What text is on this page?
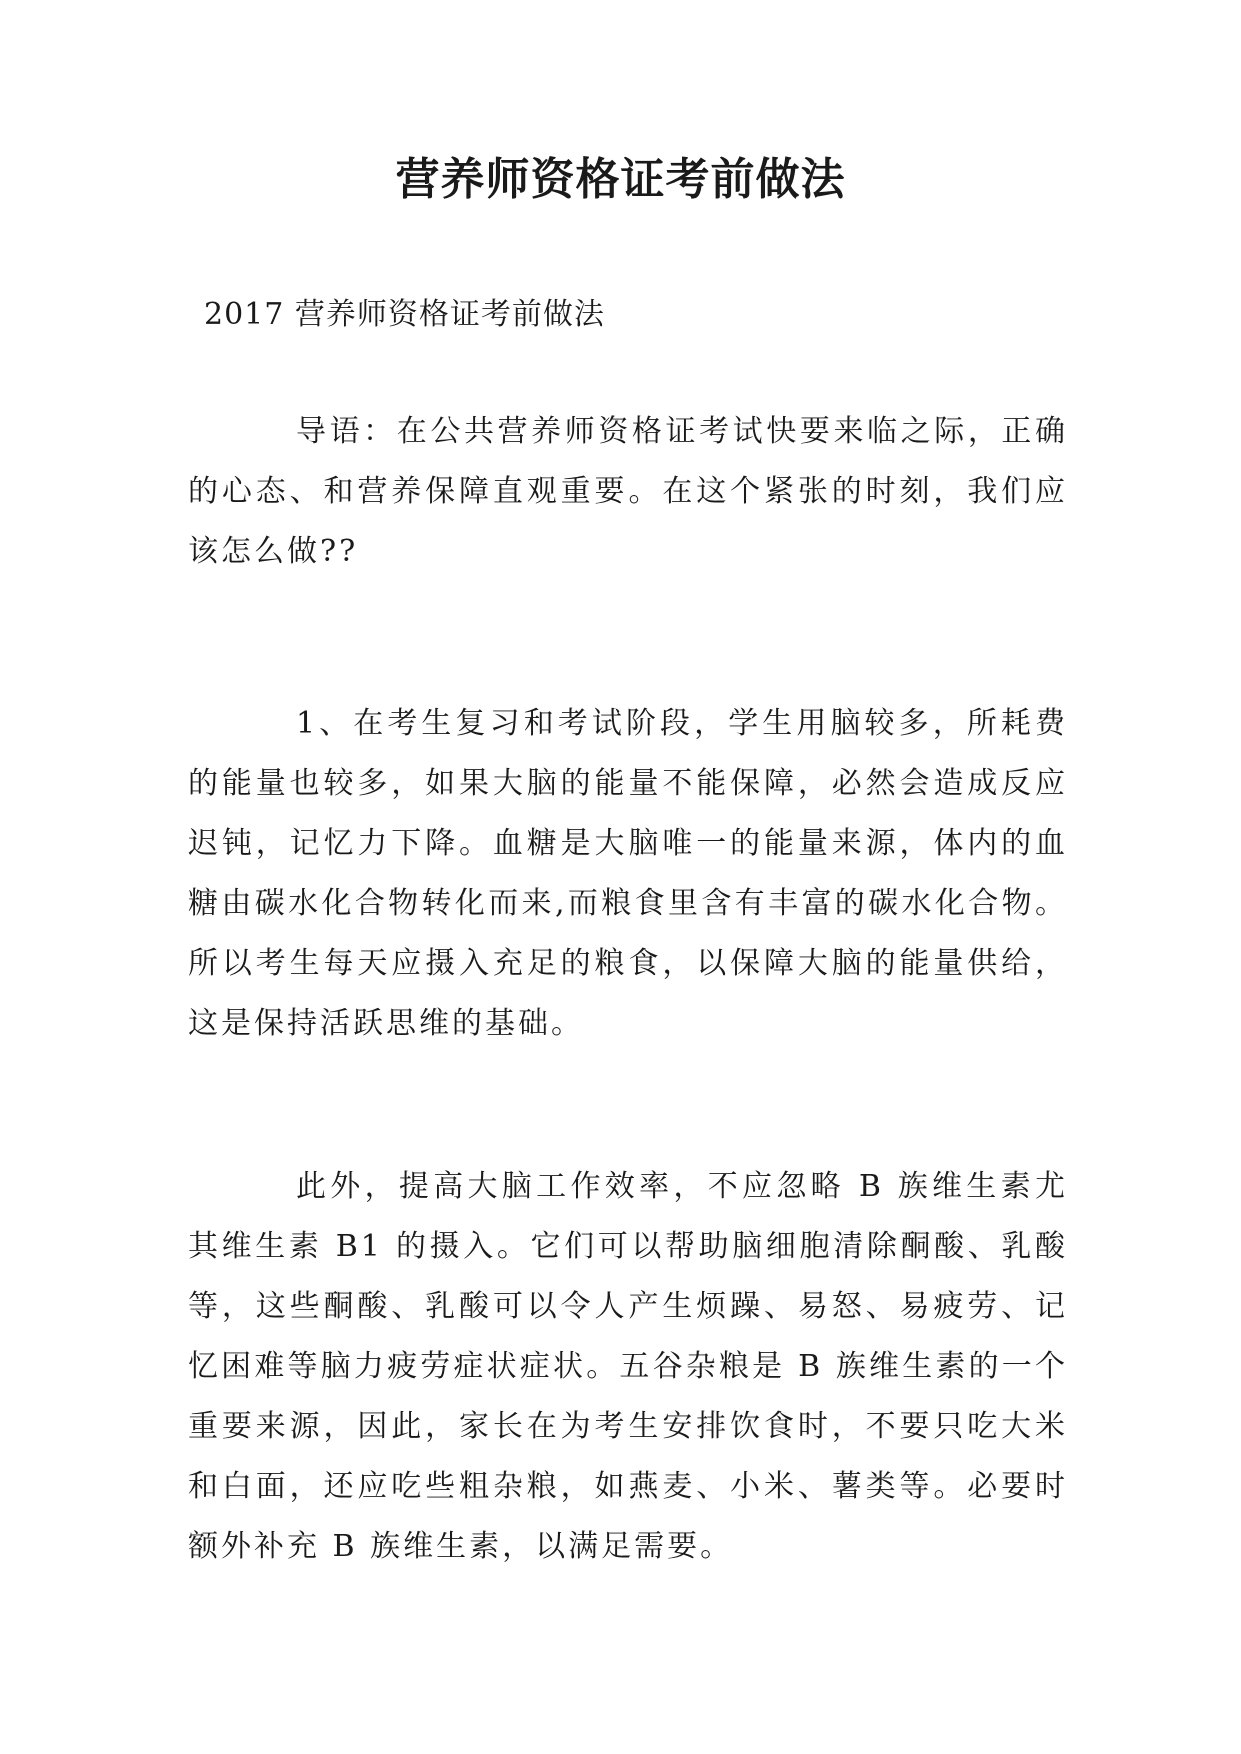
营养师资格证考前做法

2017 营养师资格证考前做法

导语：在公共营养师资格证考试快要来临之际，正确的心态、和营养保障直观重要。在这个紧张的时刻，我们应该怎么做??

1、在考生复习和考试阶段，学生用脑较多，所耗费的能量也较多，如果大脑的能量不能保障，必然会造成反应迟钝，记忆力下降。血糖是大脑唯一的能量来源，体内的血糖由碳水化合物转化而来,而粮食里含有丰富的碳水化合物。所以考生每天应摄入充足的粮食，以保障大脑的能量供给，这是保持活跃思维的基础。

此外，提高大脑工作效率，不应忽略 B 族维生素尤其维生素 B1 的摄入。它们可以帮助脑细胞清除酮酸、乳酸等，这些酮酸、乳酸可以令人产生烦躁、易怒、易疲劳、记忆困难等脑力疲劳症状症状。五谷杂粮是 B 族维生素的一个重要来源，因此，家长在为考生安排饮食时，不要只吃大米和白面，还应吃些粗杂粮，如燕麦、小米、薯类等。必要时额外补充 B 族维生素，以满足需要。
